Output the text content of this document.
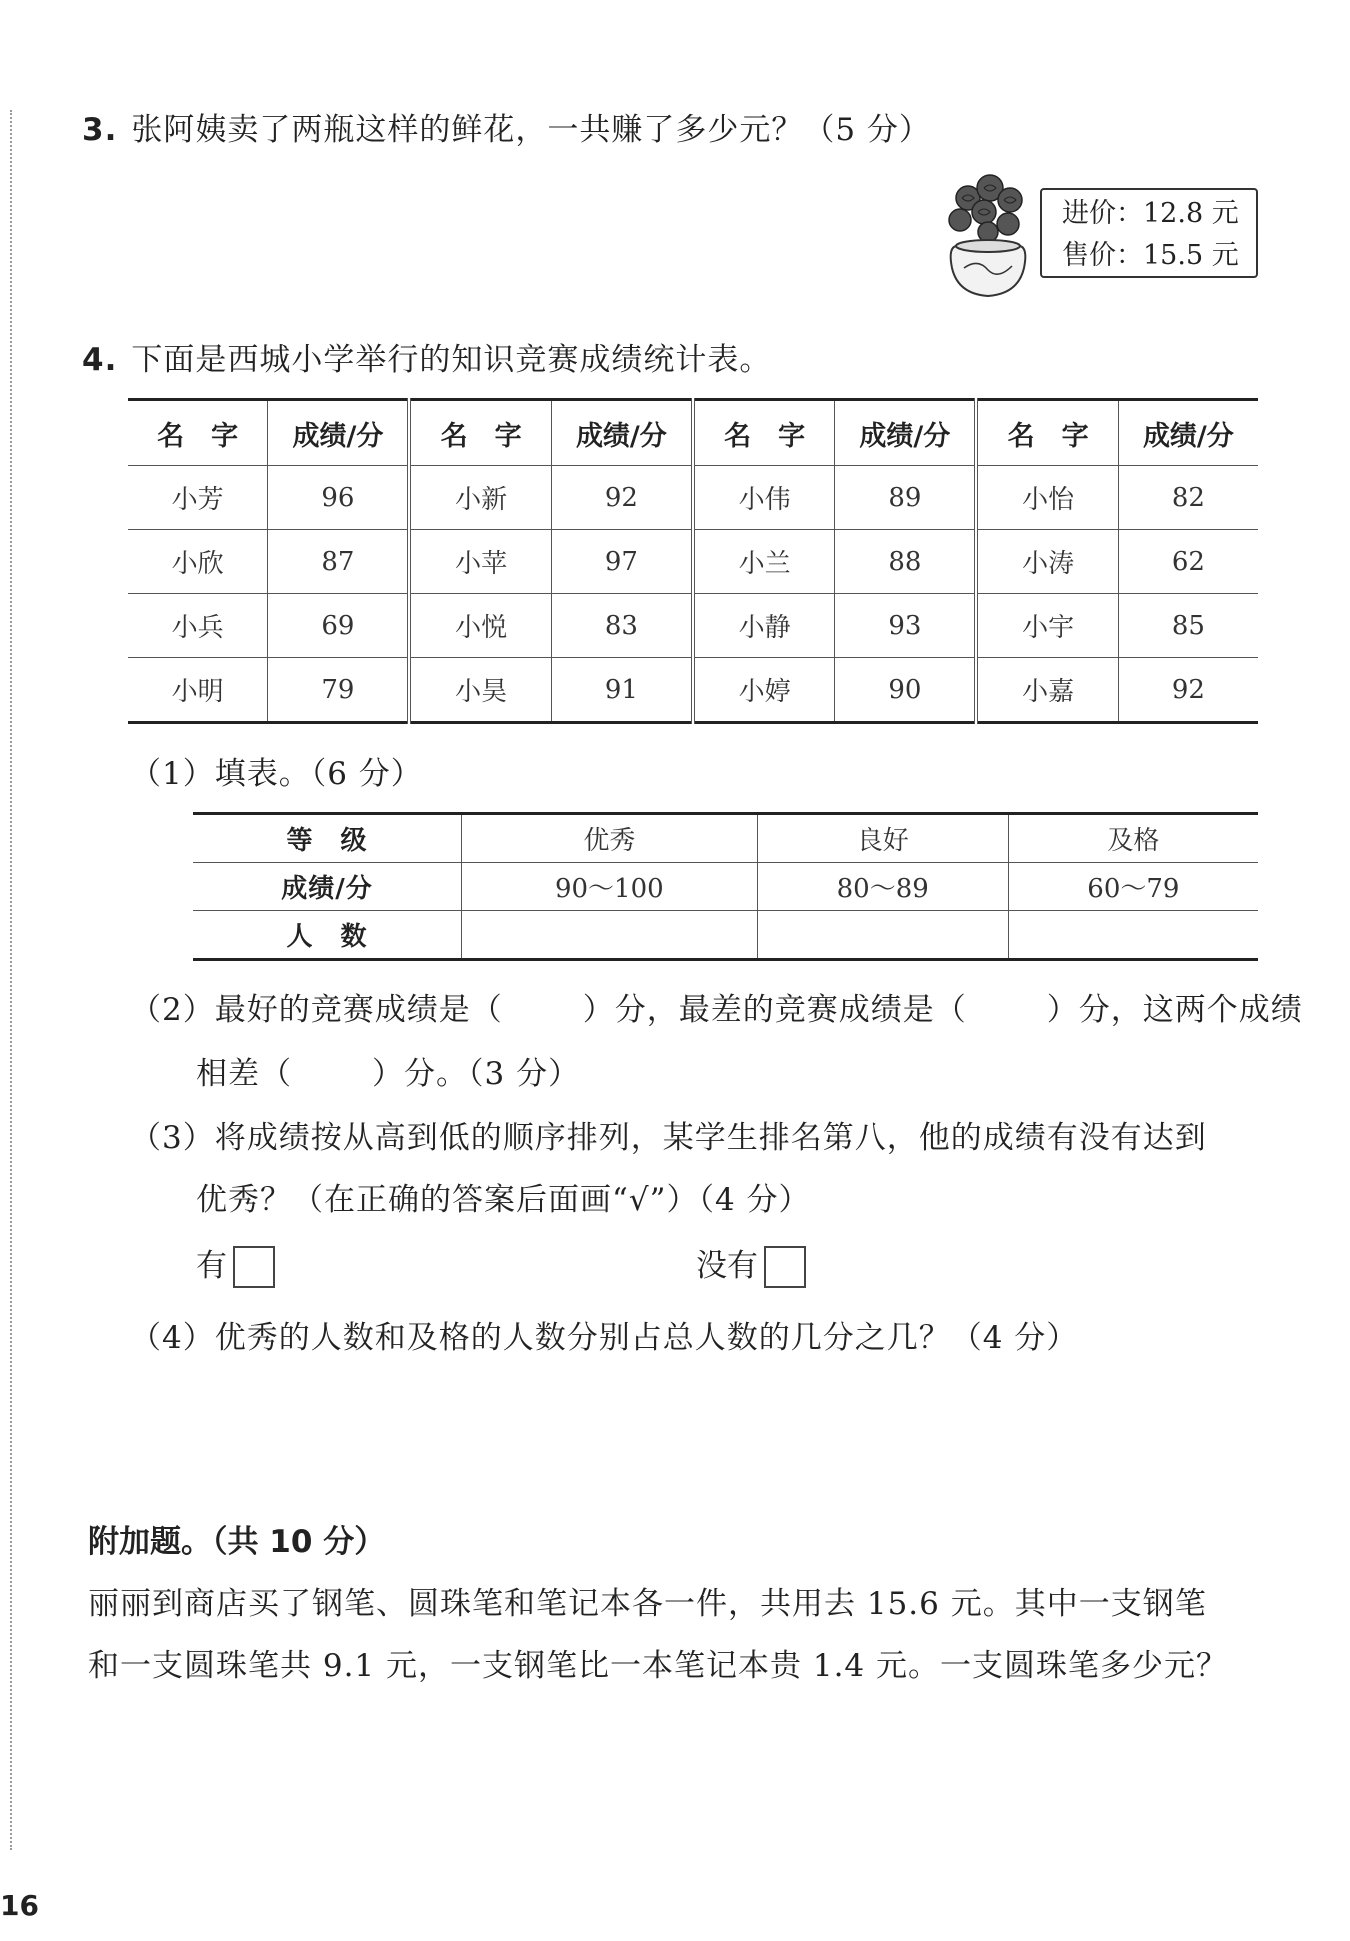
3. 张阿姨卖了两瓶这样的鲜花，一共赚了多少元？（5 分）
进价：12.8 元
售价：15.5 元
4. 下面是西城小学举行的知识竞赛成绩统计表。
名　字	成绩/分	名　字	成绩/分	名　字	成绩/分	名　字	成绩/分
小芳	96	小新	92	小伟	89	小怡	82
小欣	87	小苹	97	小兰	88	小涛	62
小兵	69	小悦	83	小静	93	小宇	85
小明	79	小昊	91	小婷	90	小嘉	92
（1）填表。（6 分）
等　级	优秀	良好	及格
成绩/分	90～100	80～89	60～79
人　数			
（2）最好的竞赛成绩是（	）分，最差的竞赛成绩是（	）分，这两个成绩
相差（	）分。（3 分）
（3）将成绩按从高到低的顺序排列，某学生排名第八，他的成绩有没有达到
优秀？（在正确的答案后面画“√”）（4 分）
有	没有
（4）优秀的人数和及格的人数分别占总人数的几分之几？（4 分）
附加题。（共 10 分）
丽丽到商店买了钢笔、圆珠笔和笔记本各一件，共用去 15.6 元。其中一支钢笔
和一支圆珠笔共 9.1 元，一支钢笔比一本笔记本贵 1.4 元。一支圆珠笔多少元？
16
